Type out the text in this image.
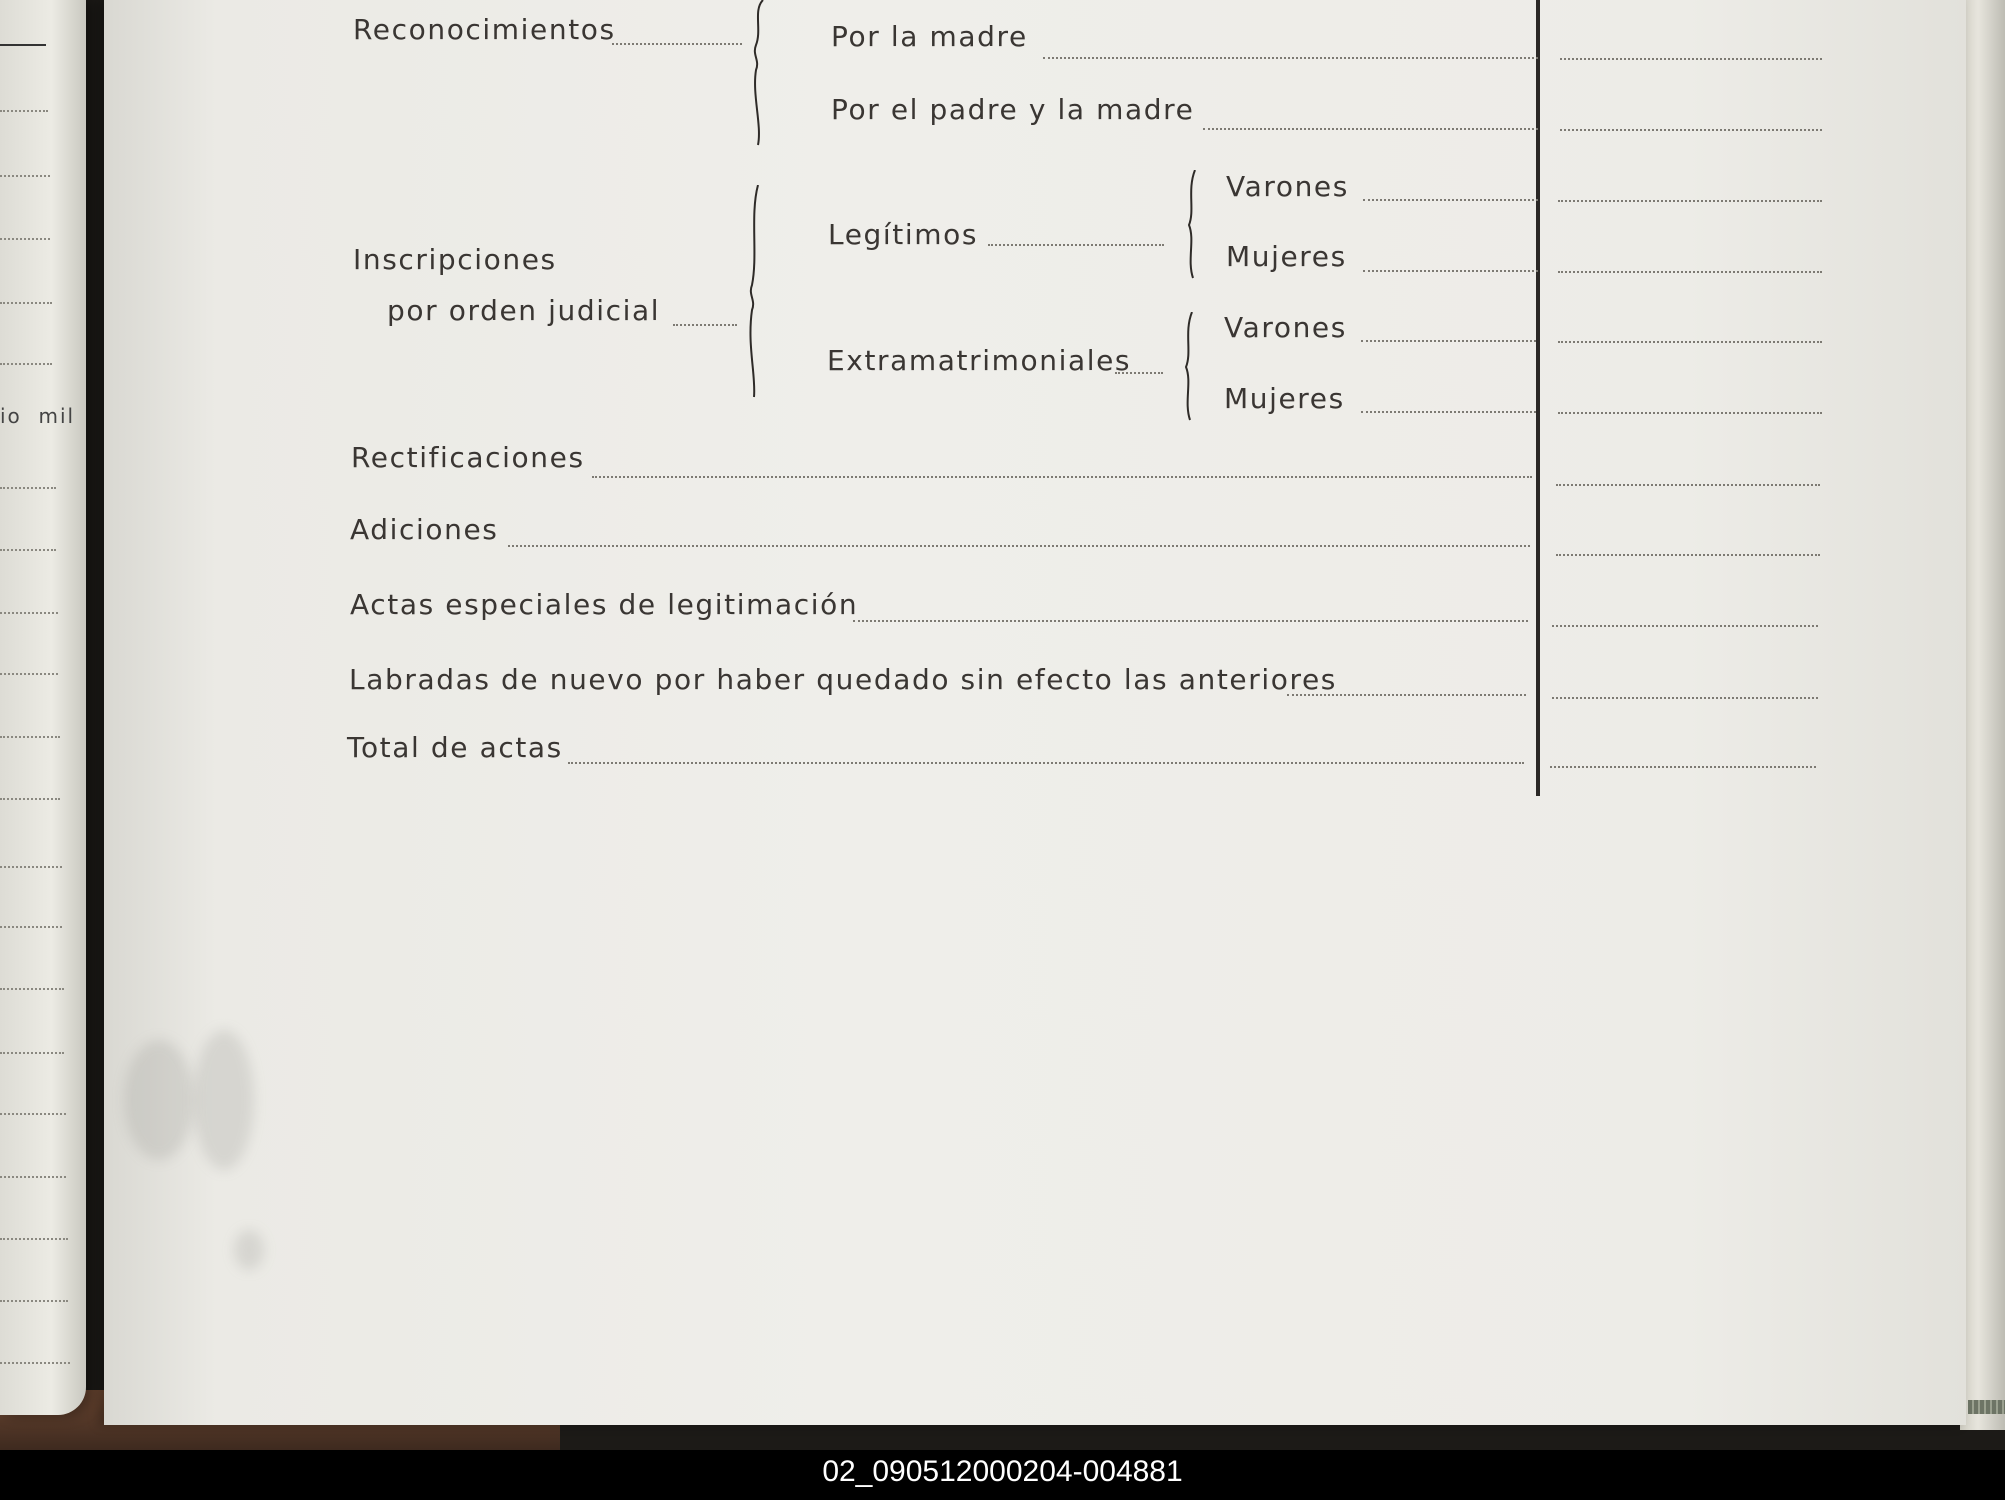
io  mil
Reconocimientos	Por la madre
Por el padre y la madre
Inscripciones
por orden judicial
Legítimos
Varones
Mujeres
Extramatrimoniales
Varones
Mujeres
Rectificaciones
Adiciones
Actas especiales de legitimación
Labradas de nuevo por haber quedado sin efecto las anteriores
Total de actas
02_090512000204-004881
